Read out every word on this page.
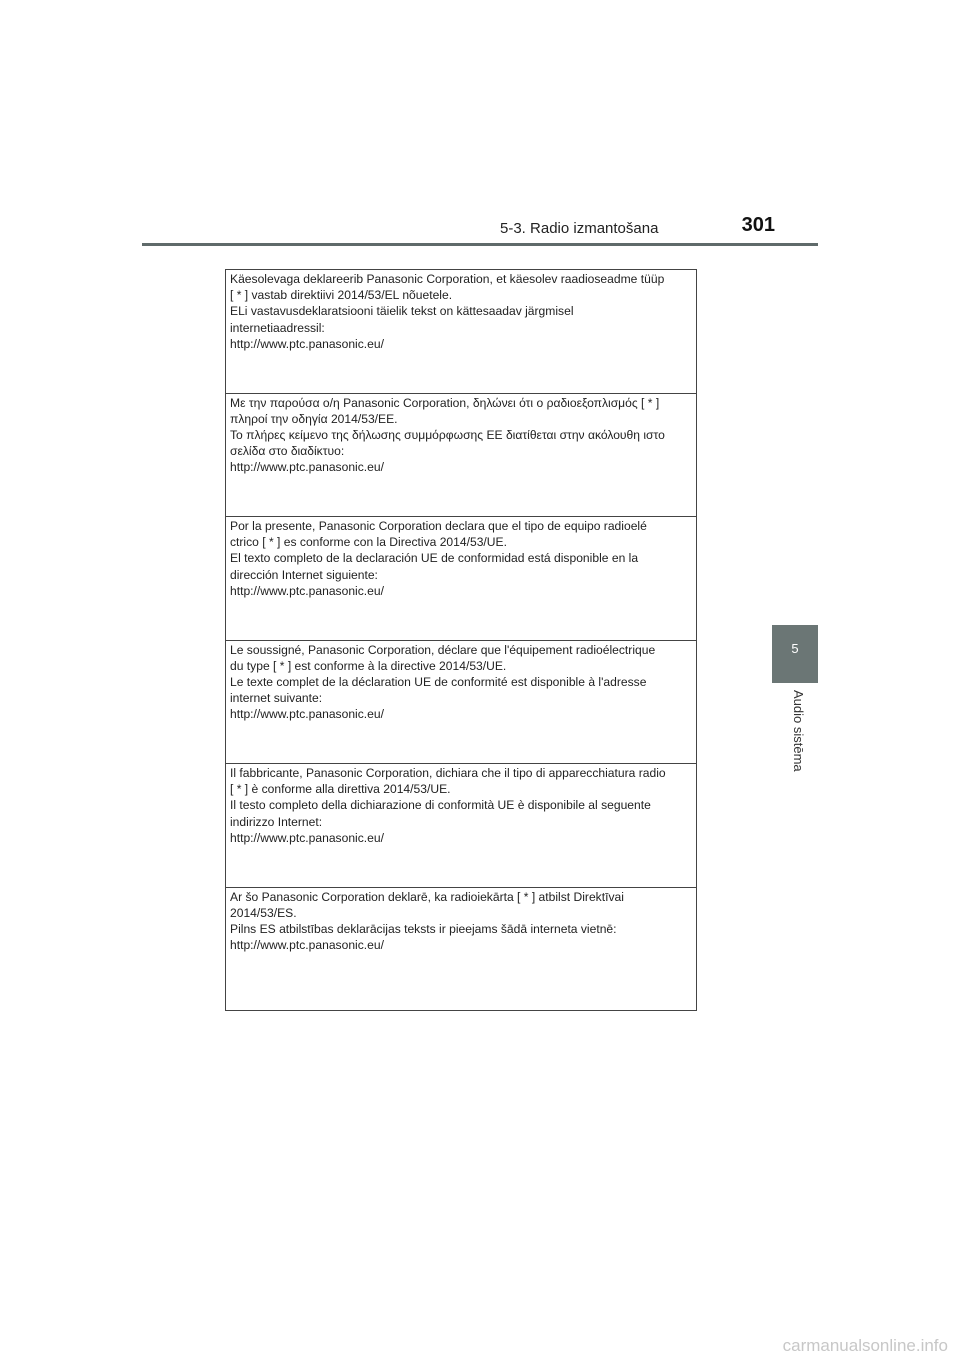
5-3. Radio izmantošana	301
5
Audio sistēma
Käesolevaga deklareerib Panasonic Corporation, et käesolev raadioseadme tüüp
[ * ] vastab direktiivi 2014/53/EL nõuetele.
ELi vastavusdeklaratsiooni täielik tekst on kättesaadav järgmisel
internetiaadressil:
http://www.ptc.panasonic.eu/
Με την παρούσα ο/η Panasonic Corporation, δηλώνει ότι ο ραδιοεξοπλισμός [ * ]
πληροί την οδηγία 2014/53/ΕΕ.
Το πλήρες κείμενο της δήλωσης συμμόρφωσης ΕΕ διατίθεται στην ακόλουθη ιστο
σελίδα στο διαδίκτυο:
http://www.ptc.panasonic.eu/
Por la presente, Panasonic Corporation declara que el tipo de equipo radioelé
ctrico [ * ] es conforme con la Directiva 2014/53/UE.
El texto completo de la declaración UE de conformidad está disponible en la
dirección Internet siguiente:
http://www.ptc.panasonic.eu/
Le soussigné, Panasonic Corporation, déclare que l'équipement radioélectrique
du type [ * ] est conforme à la directive 2014/53/UE.
Le texte complet de la déclaration UE de conformité est disponible à l'adresse
internet suivante:
http://www.ptc.panasonic.eu/
Il fabbricante, Panasonic Corporation, dichiara che il tipo di apparecchiatura radio
[ * ] è conforme alla direttiva 2014/53/UE.
Il testo completo della dichiarazione di conformità UE è disponibile al seguente
indirizzo Internet:
http://www.ptc.panasonic.eu/
Ar šo Panasonic Corporation deklarē, ka radioiekārta [ * ] atbilst Direktīvai
2014/53/ES.
Pilns ES atbilstības deklarācijas teksts ir pieejams šādā interneta vietnē:
http://www.ptc.panasonic.eu/
carmanualsonline.info
